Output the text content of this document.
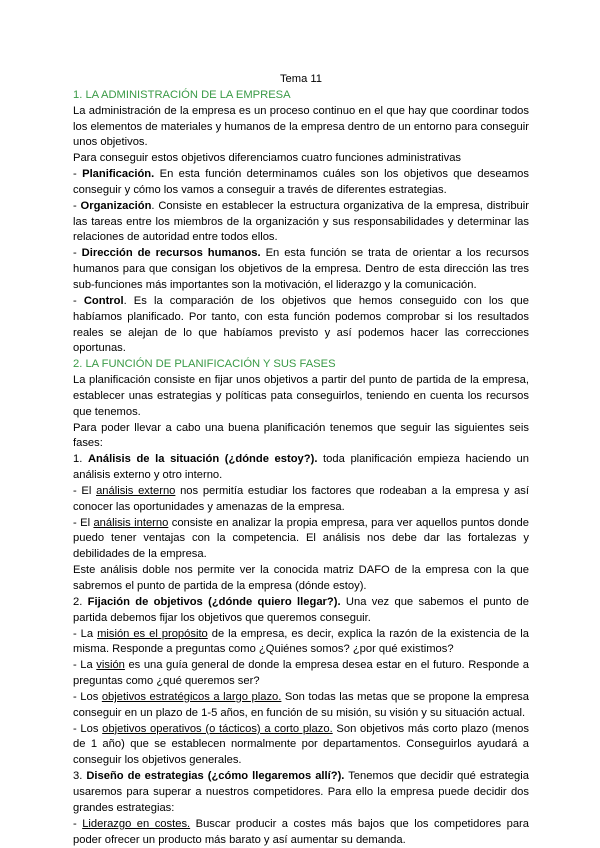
Tema 11

1. LA ADMINISTRACIÓN DE LA EMPRESA

La administración de la empresa es un proceso continuo en el que hay que coordinar todos los elementos de materiales y humanos de la empresa dentro de un entorno para conseguir unos objetivos.

Para conseguir estos objetivos diferenciamos cuatro funciones administrativas

- Planificación. En esta función determinamos cuáles son los objetivos que deseamos conseguir y cómo los vamos a conseguir a través de diferentes estrategias.

- Organización. Consiste en establecer la estructura organizativa de la empresa, distribuir las tareas entre los miembros de la organización y sus responsabilidades y determinar las relaciones de autoridad entre todos ellos.

- Dirección de recursos humanos. En esta función se trata de orientar a los recursos humanos para que consigan los objetivos de la empresa. Dentro de esta dirección las tres sub-funciones más importantes son la motivación, el liderazgo y la comunicación.

- Control. Es la comparación de los objetivos que hemos conseguido con los que habíamos planificado. Por tanto, con esta función podemos comprobar si los resultados reales se alejan de lo que habíamos previsto y así podemos hacer las correcciones oportunas.

2. LA FUNCIÓN DE PLANIFICACIÓN Y SUS FASES

La planificación consiste en fijar unos objetivos a partir del punto de partida de la empresa, establecer unas estrategias y políticas pata conseguirlos, teniendo en cuenta los recursos que tenemos.

Para poder llevar a cabo una buena planificación tenemos que seguir las siguientes seis fases:

1. Análisis de la situación (¿dónde estoy?). toda planificación empieza haciendo un análisis externo y otro interno.

- El análisis externo nos permitía estudiar los factores que rodeaban a la empresa y así conocer las oportunidades y amenazas de la empresa.

- El análisis interno consiste en analizar la propia empresa, para ver aquellos puntos donde puedo tener ventajas con la competencia. El análisis nos debe dar las fortalezas y debilidades de la empresa.

Este análisis doble nos permite ver la conocida matriz DAFO de la empresa con la que sabremos el punto de partida de la empresa (dónde estoy).

2. Fijación de objetivos (¿dónde quiero llegar?). Una vez que sabemos el punto de partida debemos fijar los objetivos que queremos conseguir.

- La misión es el propósito de la empresa, es decir, explica la razón de la existencia de la misma. Responde a preguntas como ¿Quiénes somos? ¿por qué existimos?

- La visión es una guía general de donde la empresa desea estar en el futuro. Responde a preguntas como ¿qué queremos ser?

- Los objetivos estratégicos a largo plazo. Son todas las metas que se propone la empresa conseguir en un plazo de 1-5 años, en función de su misión, su visión y su situación actual.

- Los objetivos operativos (o tácticos) a corto plazo. Son objetivos más corto plazo (menos de 1 año) que se establecen normalmente por departamentos. Conseguirlos ayudará a conseguir los objetivos generales.

3. Diseño de estrategias (¿cómo llegaremos allí?). Tenemos que decidir qué estrategia usaremos para superar a nuestros competidores. Para ello la empresa puede decidir dos grandes estrategias:

- Liderazgo en costes. Buscar producir a costes más bajos que los competidores para poder ofrecer un producto más barato y así aumentar su demanda.
